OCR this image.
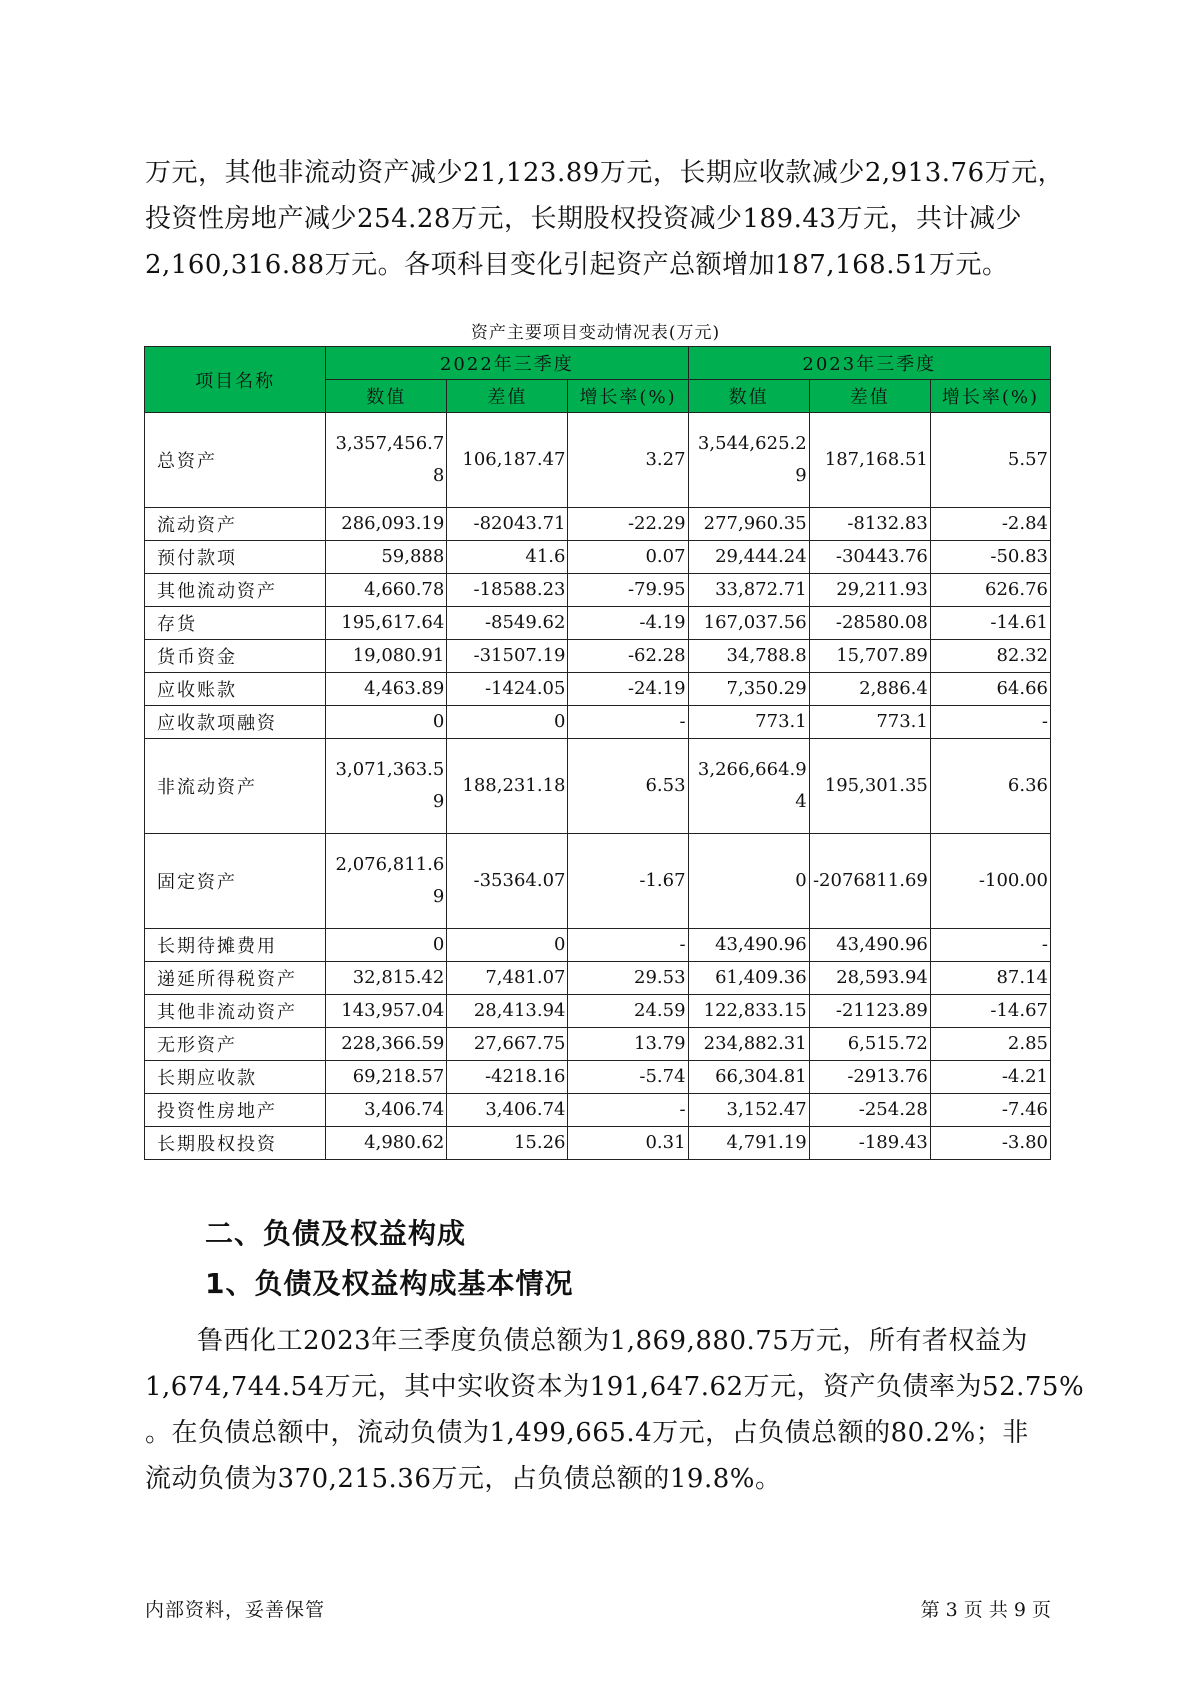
万元，其他非流动资产减少21,123.89万元，长期应收款减少2,913.76万元，
投资性房地产减少254.28万元，长期股权投资减少189.43万元，共计减少
2,160,316.88万元。各项科目变化引起资产总额增加187,168.51万元。
资产主要项目变动情况表(万元)
项目名称	2022年三季度			2023年三季度		
	数值	差值	增长率(%)	数值	差值	增长率(%)
总资产	3,357,456.78	106,187.47	3.27	3,544,625.29	187,168.51	5.57
流动资产	286,093.19	-82043.71	-22.29	277,960.35	-8132.83	-2.84
预付款项	59,888	41.6	0.07	29,444.24	-30443.76	-50.83
其他流动资产	4,660.78	-18588.23	-79.95	33,872.71	29,211.93	626.76
存货	195,617.64	-8549.62	-4.19	167,037.56	-28580.08	-14.61
货币资金	19,080.91	-31507.19	-62.28	34,788.8	15,707.89	82.32
应收账款	4,463.89	-1424.05	-24.19	7,350.29	2,886.4	64.66
应收款项融资	0	0	-	773.1	773.1	-
非流动资产	3,071,363.59	188,231.18	6.53	3,266,664.94	195,301.35	6.36
固定资产	2,076,811.69	-35364.07	-1.67	0	-2076811.69	-100.00
长期待摊费用	0	0	-	43,490.96	43,490.96	-
递延所得税资产	32,815.42	7,481.07	29.53	61,409.36	28,593.94	87.14
其他非流动资产	143,957.04	28,413.94	24.59	122,833.15	-21123.89	-14.67
无形资产	228,366.59	27,667.75	13.79	234,882.31	6,515.72	2.85
长期应收款	69,218.57	-4218.16	-5.74	66,304.81	-2913.76	-4.21
投资性房地产	3,406.74	3,406.74	-	3,152.47	-254.28	-7.46
长期股权投资	4,980.62	15.26	0.31	4,791.19	-189.43	-3.80
二、负债及权益构成
1、负债及权益构成基本情况
鲁西化工2023年三季度负债总额为1,869,880.75万元，所有者权益为
1,674,744.54万元，其中实收资本为191,647.62万元，资产负债率为52.75%
。在负债总额中，流动负债为1,499,665.4万元，占负债总额的80.2%；非
流动负债为370,215.36万元，占负债总额的19.8%。
内部资料，妥善保管	第 3 页 共 9 页
